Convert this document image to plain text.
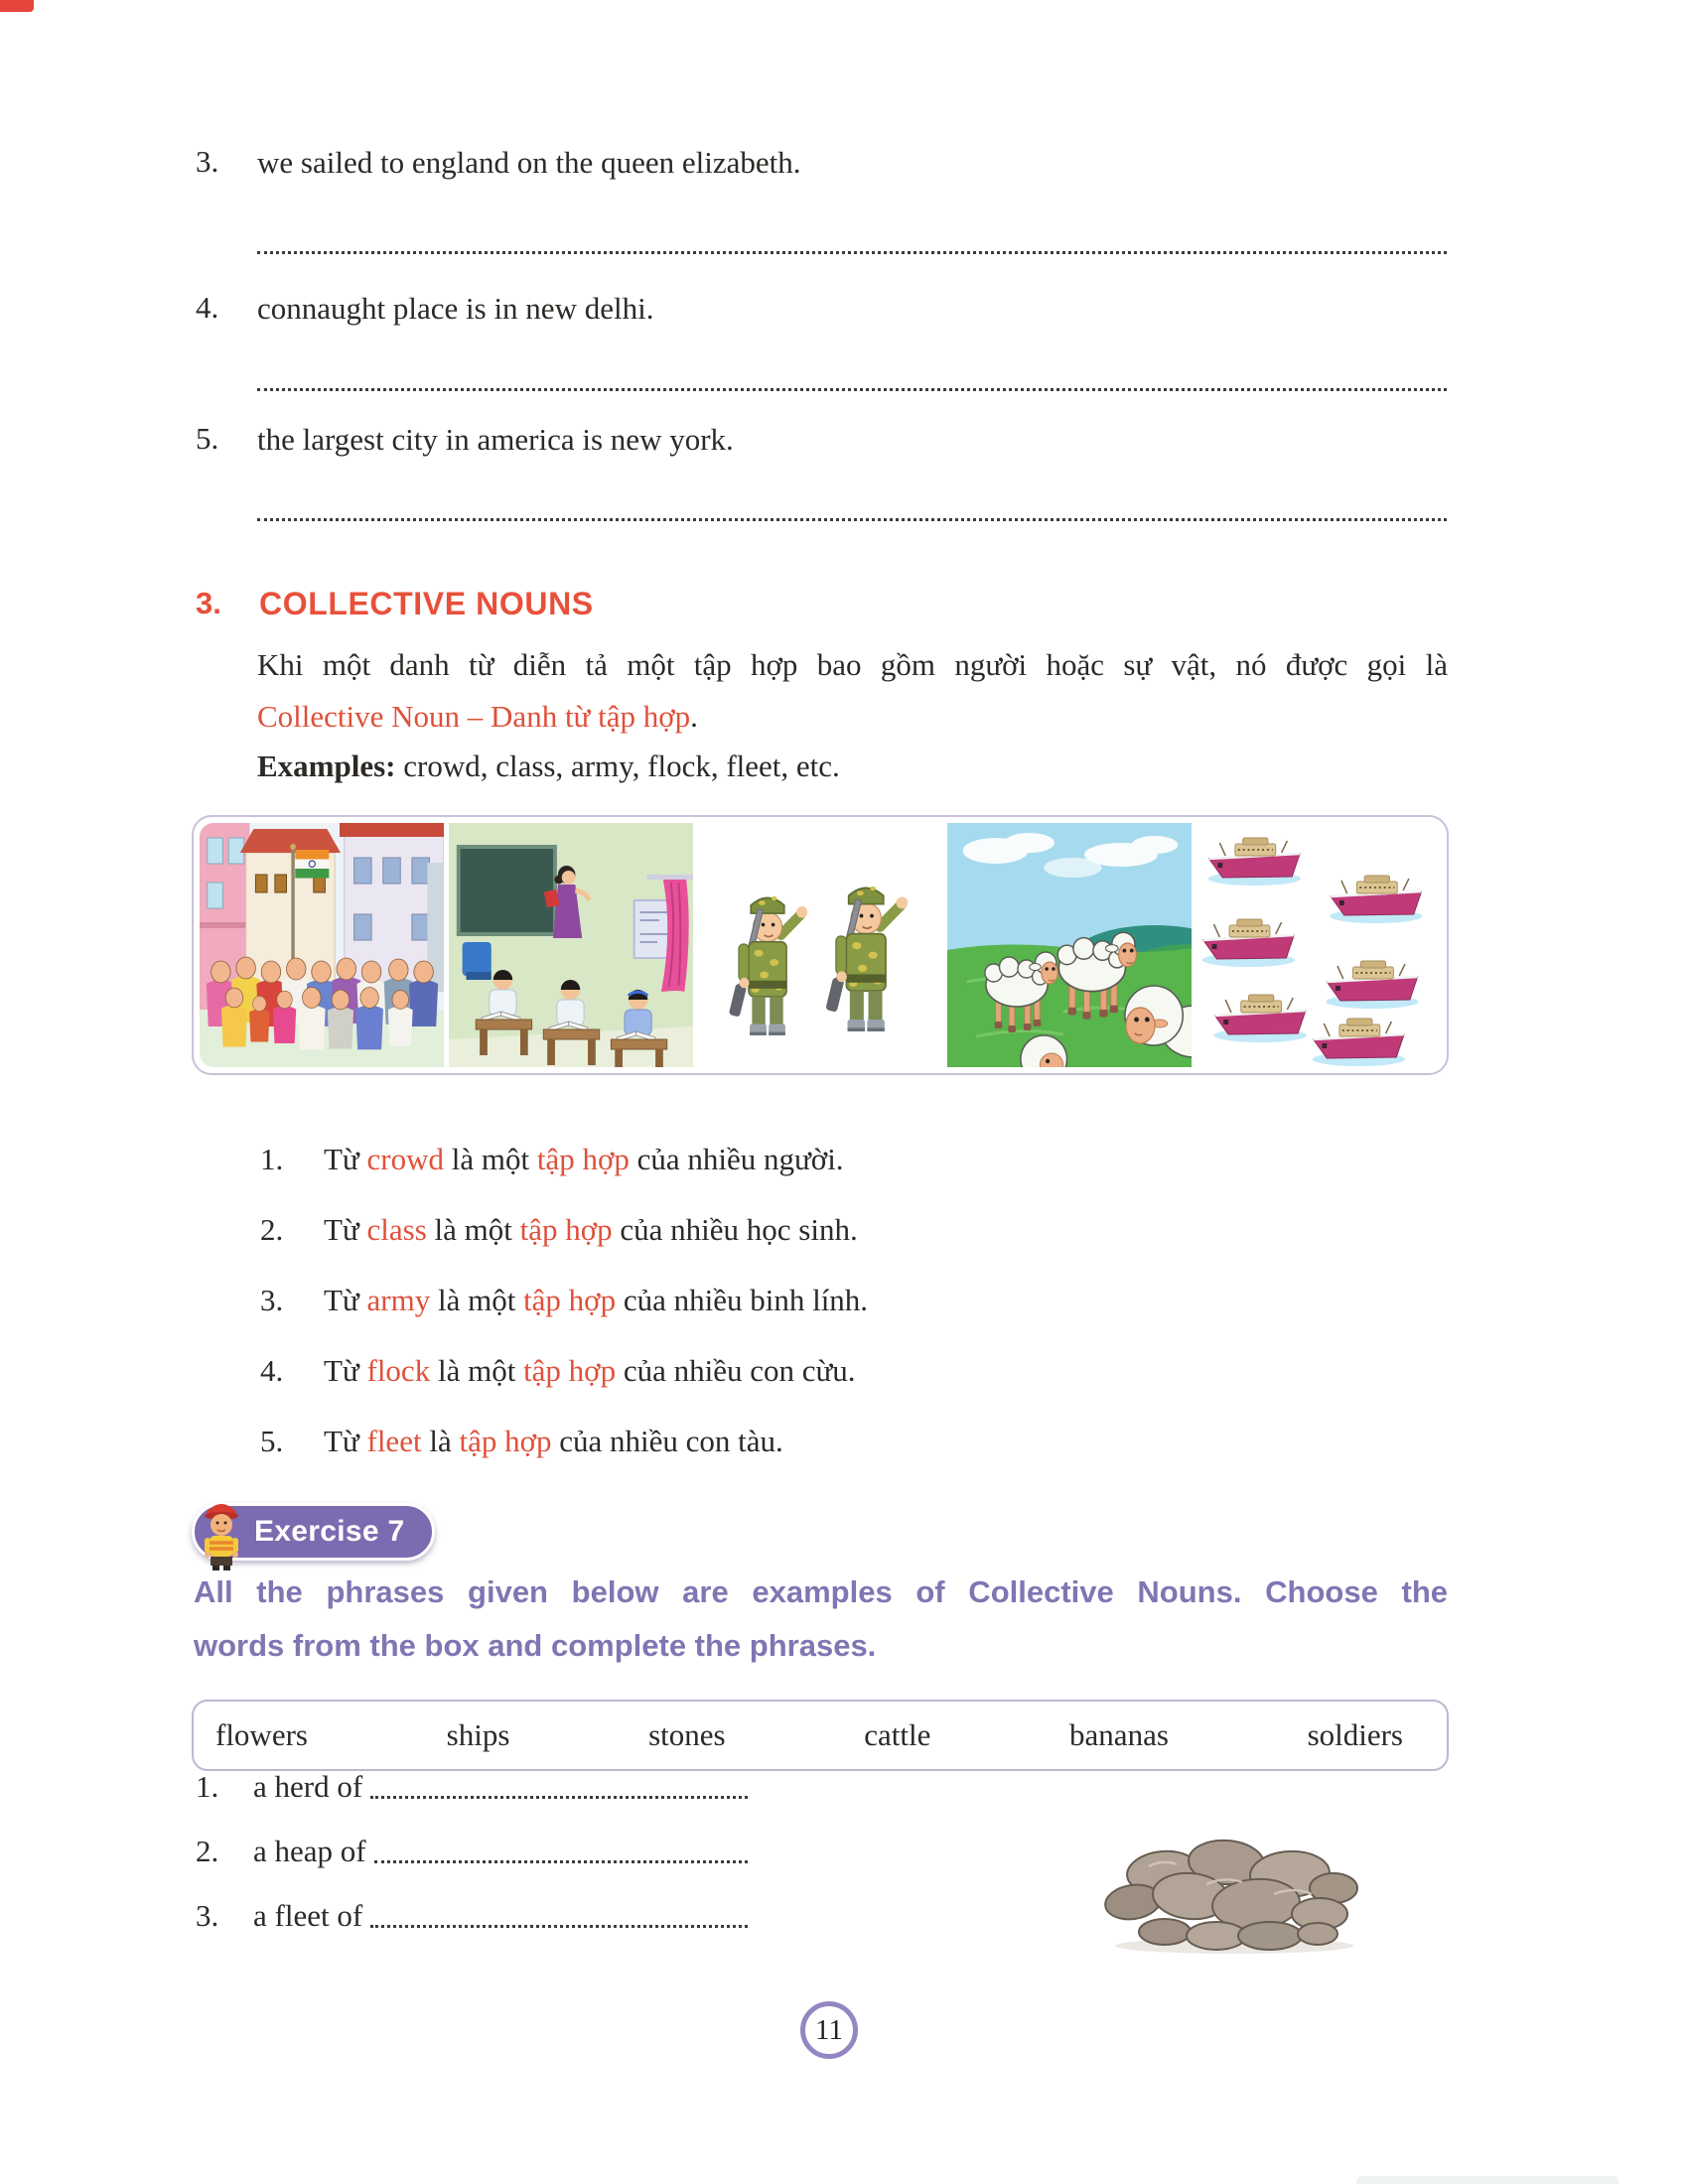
3.	we sailed to england on the queen elizabeth.
4.	connaught place is in new delhi.
5.	the largest city in america is new york.
3.	COLLECTIVE NOUNS
Khi một danh từ diễn tả một tập hợp bao gồm người hoặc sự vật, nó được gọi là
Collective Noun – Danh từ tập hợp.
Examples: crowd, class, army, flock, fleet, etc.
1.	Từ crowd là một tập hợp của nhiều người.
2.	Từ class là một tập hợp của nhiều học sinh.
3.	Từ army là một tập hợp của nhiều binh lính.
4.	Từ flock là một tập hợp của nhiều con cừu.
5.	Từ fleet là tập hợp của nhiều con tàu.
Exercise 7
All the phrases given below are examples of Collective Nouns. Choose the
words from the box and complete the phrases.
flowers	ships	stones	cattle	bananas	soldiers
1.	a herd of
2.	a heap of
3.	a fleet of
11
